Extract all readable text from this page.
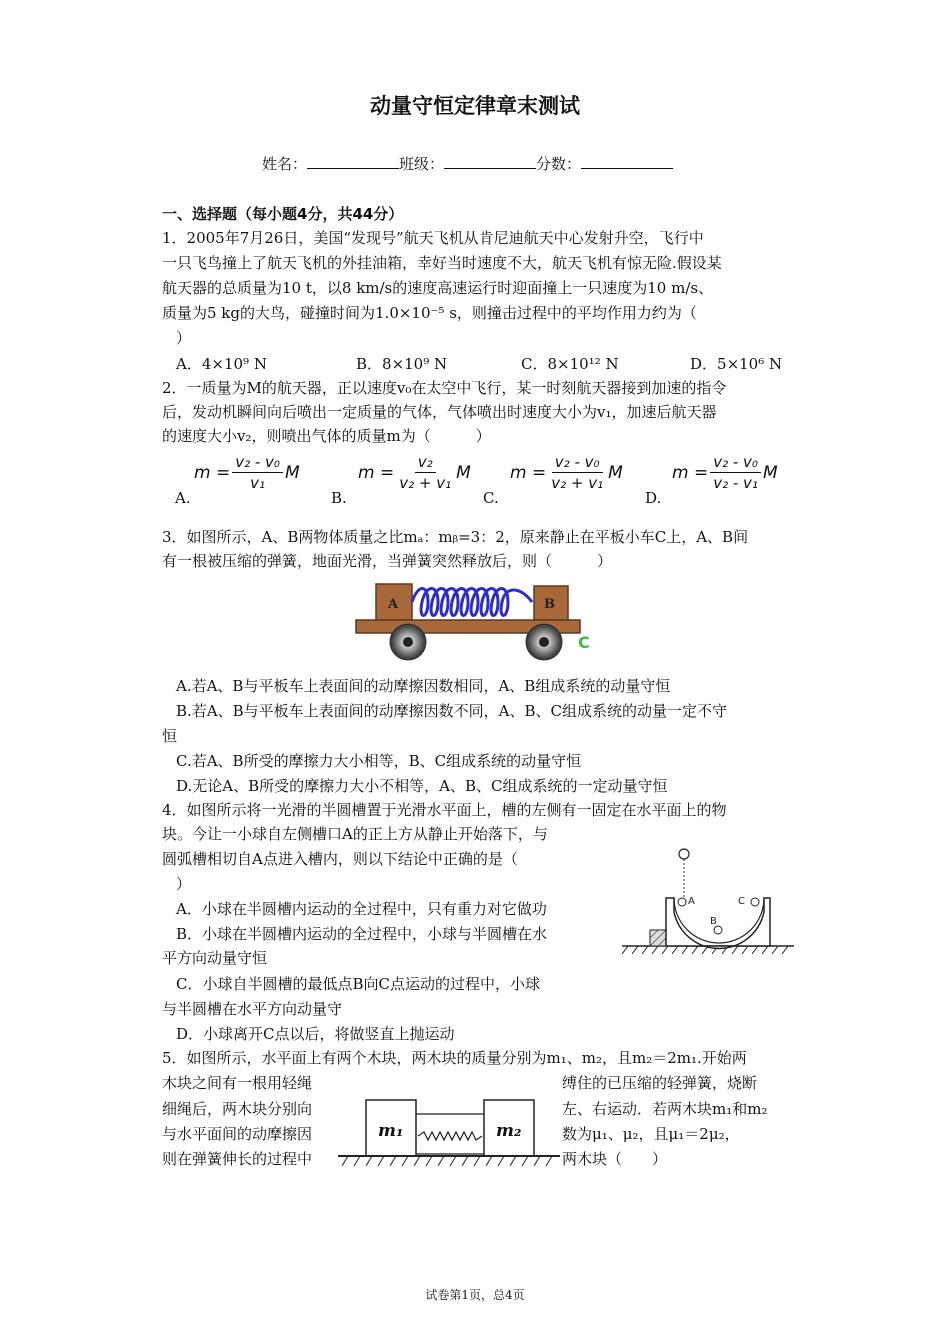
动量守恒定律章末测试
姓名：	班级：	分数：
一、选择题（每小题4分，共44分）
1．2005年7月26日，美国“发现号”航天飞机从肯尼迪航天中心发射升空，飞行中
一只飞鸟撞上了航天飞机的外挂油箱，幸好当时速度不大，航天飞机有惊无险.假设某
航天器的总质量为10 t，以8 km/s的速度高速运行时迎面撞上一只速度为10 m/s、
质量为5 kg的大鸟，碰撞时间为1.0×10⁻⁵ s，则撞击过程中的平均作用力约为（
）
A．4×10⁹ N	B．8×10⁹ N	C．8×10¹² N	D．5×10⁶ N
2．一质量为M的航天器，正以速度v₀在太空中飞行，某一时刻航天器接到加速的指令
后，发动机瞬间向后喷出一定质量的气体，气体喷出时速度大小为v₁，加速后航天器
的速度大小v₂，则喷出气体的质量m为（　　　）
$m = \frac{\text{v₂ - v₀}}{\text{v₁}}$ M	$m = \frac{\text{v₂}}{\text{v₂ + v₁}}$ M $m = \frac{\text{v₂ - v₀}}{\text{v₂ + v₁}}$ M	$m = \frac{\text{v₂ - v₀}}{\text{v₂ - v₁}}$ M
A.	B.	C.	D.
3．如图所示，A、B两物体质量之比mₐ：mᵦ=3：2，原来静止在平板小车C上，A、B间
有一根被压缩的弹簧，地面光滑，当弹簧突然释放后，则（　　　）
A	B
C
A.若A、B与平板车上表面间的动摩擦因数相同，A、B组成系统的动量守恒
B.若A、B与平板车上表面间的动摩擦因数不同，A、B、C组成系统的动量一定不守
恒
C.若A、B所受的摩擦力大小相等，B、C组成系统的动量守恒
D.无论A、B所受的摩擦力大小不相等，A、B、C组成系统的一定动量守恒
4．如图所示将一光滑的半圆槽置于光滑水平面上，槽的左侧有一固定在水平面上的物
块。今让一小球自左侧槽口A的正上方从静止开始落下，与
圆弧槽相切自A点进入槽内，则以下结论中正确的是（
）
A．小球在半圆槽内运动的全过程中，只有重力对它做功
B．小球在半圆槽内运动的全过程中，小球与半圆槽在水
平方向动量守恒
C．小球自半圆槽的最低点B向C点运动的过程中，小球
与半圆槽在水平方向动量守
D．小球离开C点以后，将做竖直上抛运动
A
B
C
5．如图所示，水平面上有两个木块，两木块的质量分别为m₁、m₂，且m₂＝2m₁.开始两
木块之间有一根用轻绳
细绳后，两木块分别向
与水平面间的动摩擦因
则在弹簧伸长的过程中
缚住的已压缩的轻弹簧，烧断
左、右运动．若两木块m₁和m₂
数为μ₁、μ₂，且μ₁＝2μ₂，
两木块（　　）
m₁	m₂
试卷第1页，总4页
